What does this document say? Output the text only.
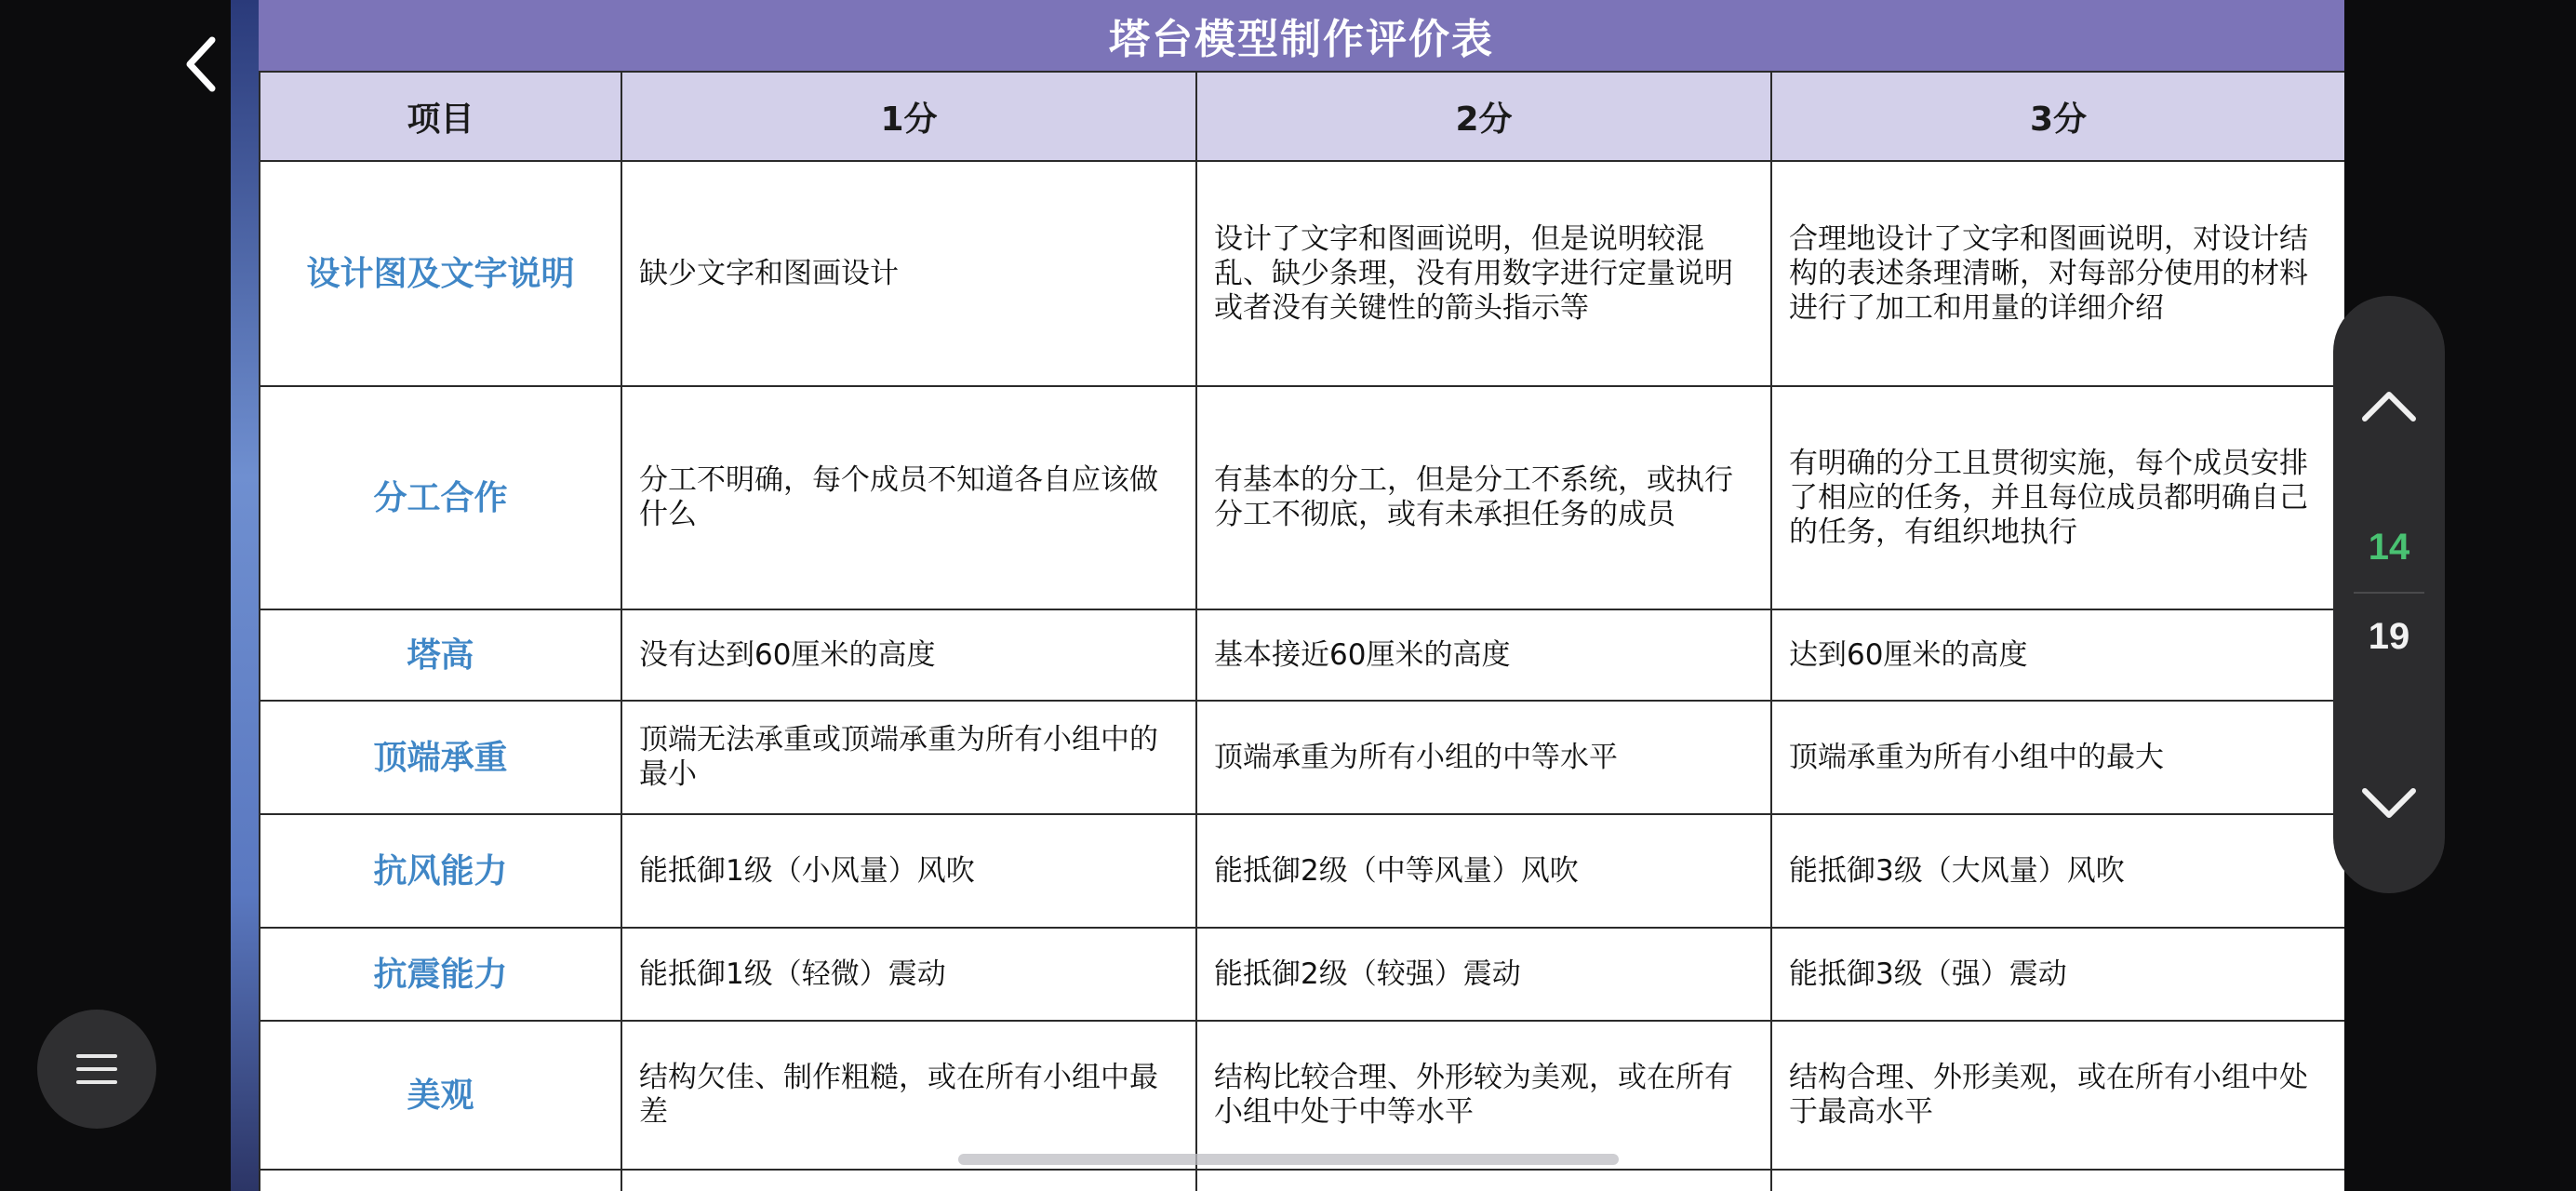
塔台模型制作评价表
项目	1分	2分	3分
设计图及文字说明	缺少文字和图画设计	设计了文字和图画说明，但是说明较混乱、缺少条理，没有用数字进行定量说明或者没有关键性的箭头指示等	合理地设计了文字和图画说明，对设计结构的表述条理清晰，对每部分使用的材料进行了加工和用量的详细介绍
分工合作	分工不明确，每个成员不知道各自应该做什么	有基本的分工，但是分工不系统，或执行分工不彻底，或有未承担任务的成员	有明确的分工且贯彻实施，每个成员安排了相应的任务，并且每位成员都明确自己的任务，有组织地执行
塔高	没有达到60厘米的高度	基本接近60厘米的高度	达到60厘米的高度
顶端承重	顶端无法承重或顶端承重为所有小组中的最小	顶端承重为所有小组的中等水平	顶端承重为所有小组中的最大
抗风能力	能抵御1级（小风量）风吹	能抵御2级（中等风量）风吹	能抵御3级（大风量）风吹
抗震能力	能抵御1级（轻微）震动	能抵御2级（较强）震动	能抵御3级（强）震动
美观	结构欠佳、制作粗糙，或在所有小组中最差	结构比较合理、外形较为美观，或在所有小组中处于中等水平	结构合理、外形美观，或在所有小组中处于最高水平

14
19
